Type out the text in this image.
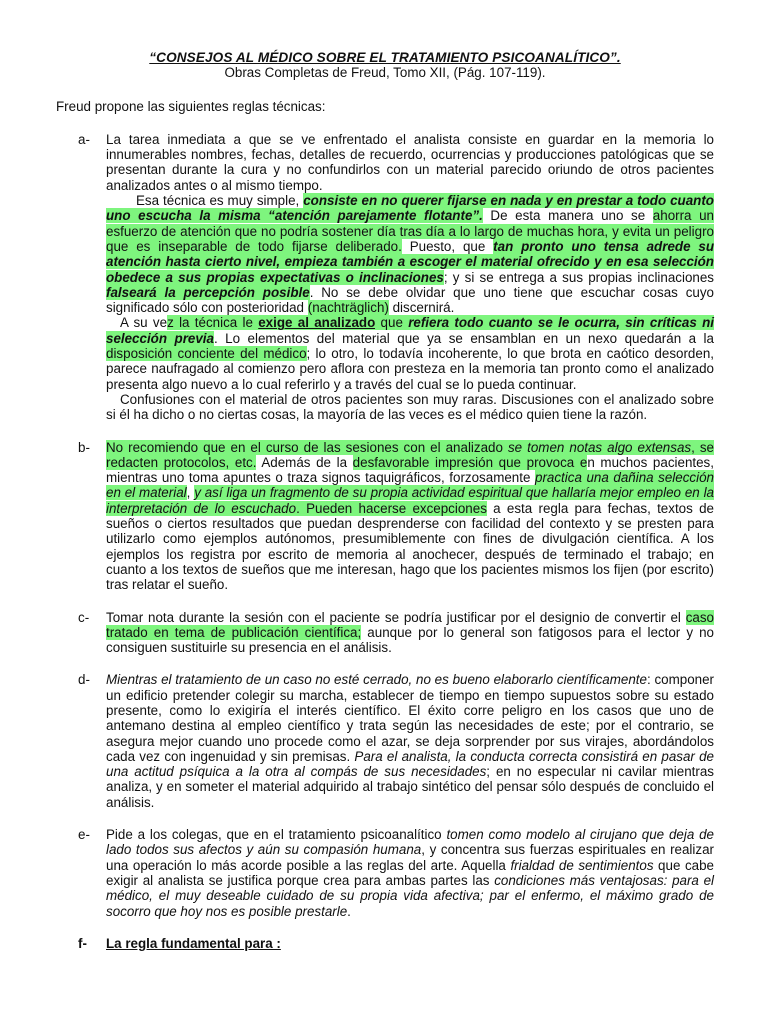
“CONSEJOS AL MÉDICO SOBRE EL TRATAMIENTO PSICOANALÍTICO”.

Obras Completas de Freud, Tomo XII, (Pág. 107-119).

Freud propone las siguientes reglas técnicas:

a-	La tarea inmediata a que se ve enfrentado el analista consiste en guardar en la memoria lo innumerables nombres, fechas, detalles de recuerdo, ocurrencias y producciones patológicas que se presentan durante la cura y no confundirlos con un material parecido oriundo de otros pacientes analizados antes o al mismo tiempo.

Esa técnica es muy simple, consiste en no querer fijarse en nada y en prestar a todo cuanto uno escucha la misma “atención parejamente flotante”. De esta manera uno se ahorra un esfuerzo de atención que no podría sostener día tras día a lo largo de muchas hora, y evita un peligro que es inseparable de todo fijarse deliberado. Puesto, que tan pronto uno tensa adrede su atención hasta cierto nivel, empieza también a escoger el material ofrecido y en esa selección obedece a sus propias expectativas o inclinaciones; y si se entrega a sus propias inclinaciones falseará la percepción posible. No se debe olvidar que uno tiene que escuchar cosas cuyo significado sólo con posterioridad (nachträglich) discernirá.

A su vez la técnica le exige al analizado que refiera todo cuanto se le ocurra, sin críticas ni selección previa. Lo elementos del material que ya se ensamblan en un nexo quedarán a la disposición conciente del médico; lo otro, lo todavía incoherente, lo que brota en caótico desorden, parece naufragado al comienzo pero aflora con presteza en la memoria tan pronto como el analizado presenta algo nuevo a lo cual referirlo y a través del cual se lo pueda continuar.

Confusiones con el material de otros pacientes son muy raras. Discusiones con el analizado sobre si él ha dicho o no ciertas cosas, la mayoría de las veces es el médico quien tiene la razón.

b-	No recomiendo que en el curso de las sesiones con el analizado se tomen notas algo extensas, se redacten protocolos, etc. Además de la desfavorable impresión que provoca en muchos pacientes, mientras uno toma apuntes o traza signos taquigráficos, forzosamente practica una dañina selección en el material, y así liga un fragmento de su propia actividad espiritual que hallaría mejor empleo en la interpretación de lo escuchado. Pueden hacerse excepciones a esta regla para fechas, textos de sueños o ciertos resultados que puedan desprenderse con facilidad del contexto y se presten para utilizarlo como ejemplos autónomos, presumiblemente con fines de divulgación científica. A los ejemplos los registra por escrito de memoria al anochecer, después de terminado el trabajo; en cuanto a los textos de sueños que me interesan, hago que los pacientes mismos los fijen (por escrito) tras relatar el sueño.

c-	Tomar nota durante la sesión con el paciente se podría justificar por el designio de convertir el caso tratado en tema de publicación científica; aunque por lo general son fatigosos para el lector y no consiguen sustituirle su presencia en el análisis.

d-	Mientras el tratamiento de un caso no esté cerrado, no es bueno elaborarlo científicamente: componer un edificio pretender colegir su marcha, establecer de tiempo en tiempo supuestos sobre su estado presente, como lo exigiría el interés científico. El éxito corre peligro en los casos que uno de antemano destina al empleo científico y trata según las necesidades de este; por el contrario, se asegura mejor cuando uno procede como el azar, se deja sorprender por sus virajes, abordándolos cada vez con ingenuidad y sin premisas. Para el analista, la conducta correcta consistirá en pasar de una actitud psíquica a la otra al compás de sus necesidades; en no especular ni cavilar mientras analiza, y en someter el material adquirido al trabajo sintético del pensar sólo después de concluido el análisis.

e-	Pide a los colegas, que en el tratamiento psicoanalítico tomen como modelo al cirujano que deja de lado todos sus afectos y aún su compasión humana, y concentra sus fuerzas espirituales en realizar una operación lo más acorde posible a las reglas del arte. Aquella frialdad de sentimientos que cabe exigir al analista se justifica porque crea para ambas partes las condiciones más ventajosas: para el médico, el muy deseable cuidado de su propia vida afectiva; par el enfermo, el máximo grado de socorro que hoy nos es posible prestarle.

f-	La regla fundamental para :
